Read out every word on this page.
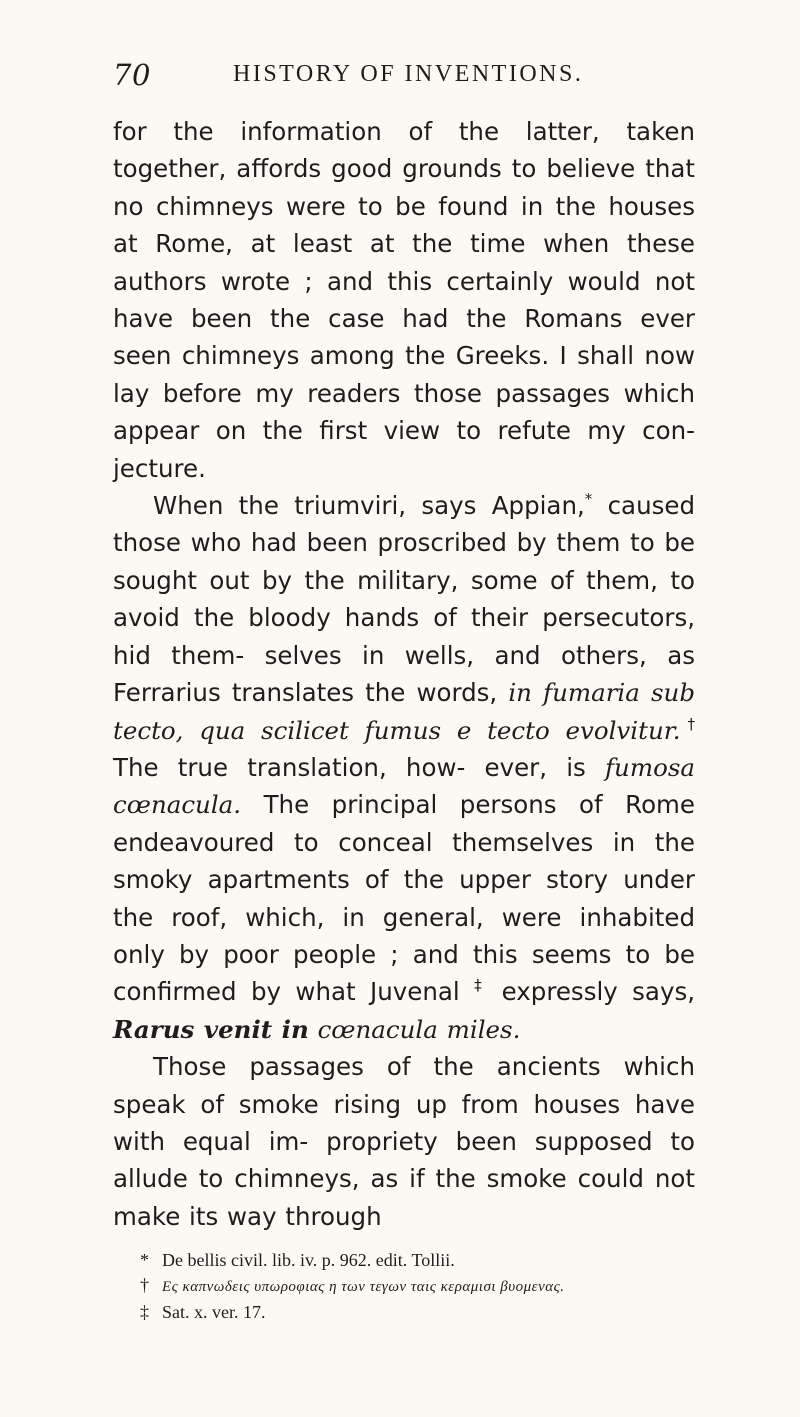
70	HISTORY OF INVENTIONS.

for the information of the latter, taken together, affords good grounds to believe that no chimneys were to be found in the houses at Rome, at least at the time when these authors wrote ; and this certainly would not have been the case had the Romans ever seen chimneys among the Greeks. I shall now lay before my readers those passages which appear on the first view to refute my con- jecture.

When the triumviri, says Appian,* caused those who had been proscribed by them to be sought out by the military, some of them, to avoid the bloody hands of their persecutors, hid them- selves in wells, and others, as Ferrarius translates the words, in fumaria sub tecto, qua scilicet fumus e tecto evolvitur.† The true translation, how- ever, is fumosa cœnacula. The principal persons of Rome endeavoured to conceal themselves in the smoky apartments of the upper story under the roof, which, in general, were inhabited only by poor people ; and this seems to be confirmed by what Juvenal ‡ expressly says, Rarus venit in cœnacula miles.

Those passages of the ancients which speak of smoke rising up from houses have with equal im- propriety been supposed to allude to chimneys, as if the smoke could not make its way through

* De bellis civil. lib. iv. p. 962. edit. Tollii.
† Ες καπνωδεις υπωροφιας η των τεγων ταις κεραμισι βυομενας.
‡ Sat. x. ver. 17.
